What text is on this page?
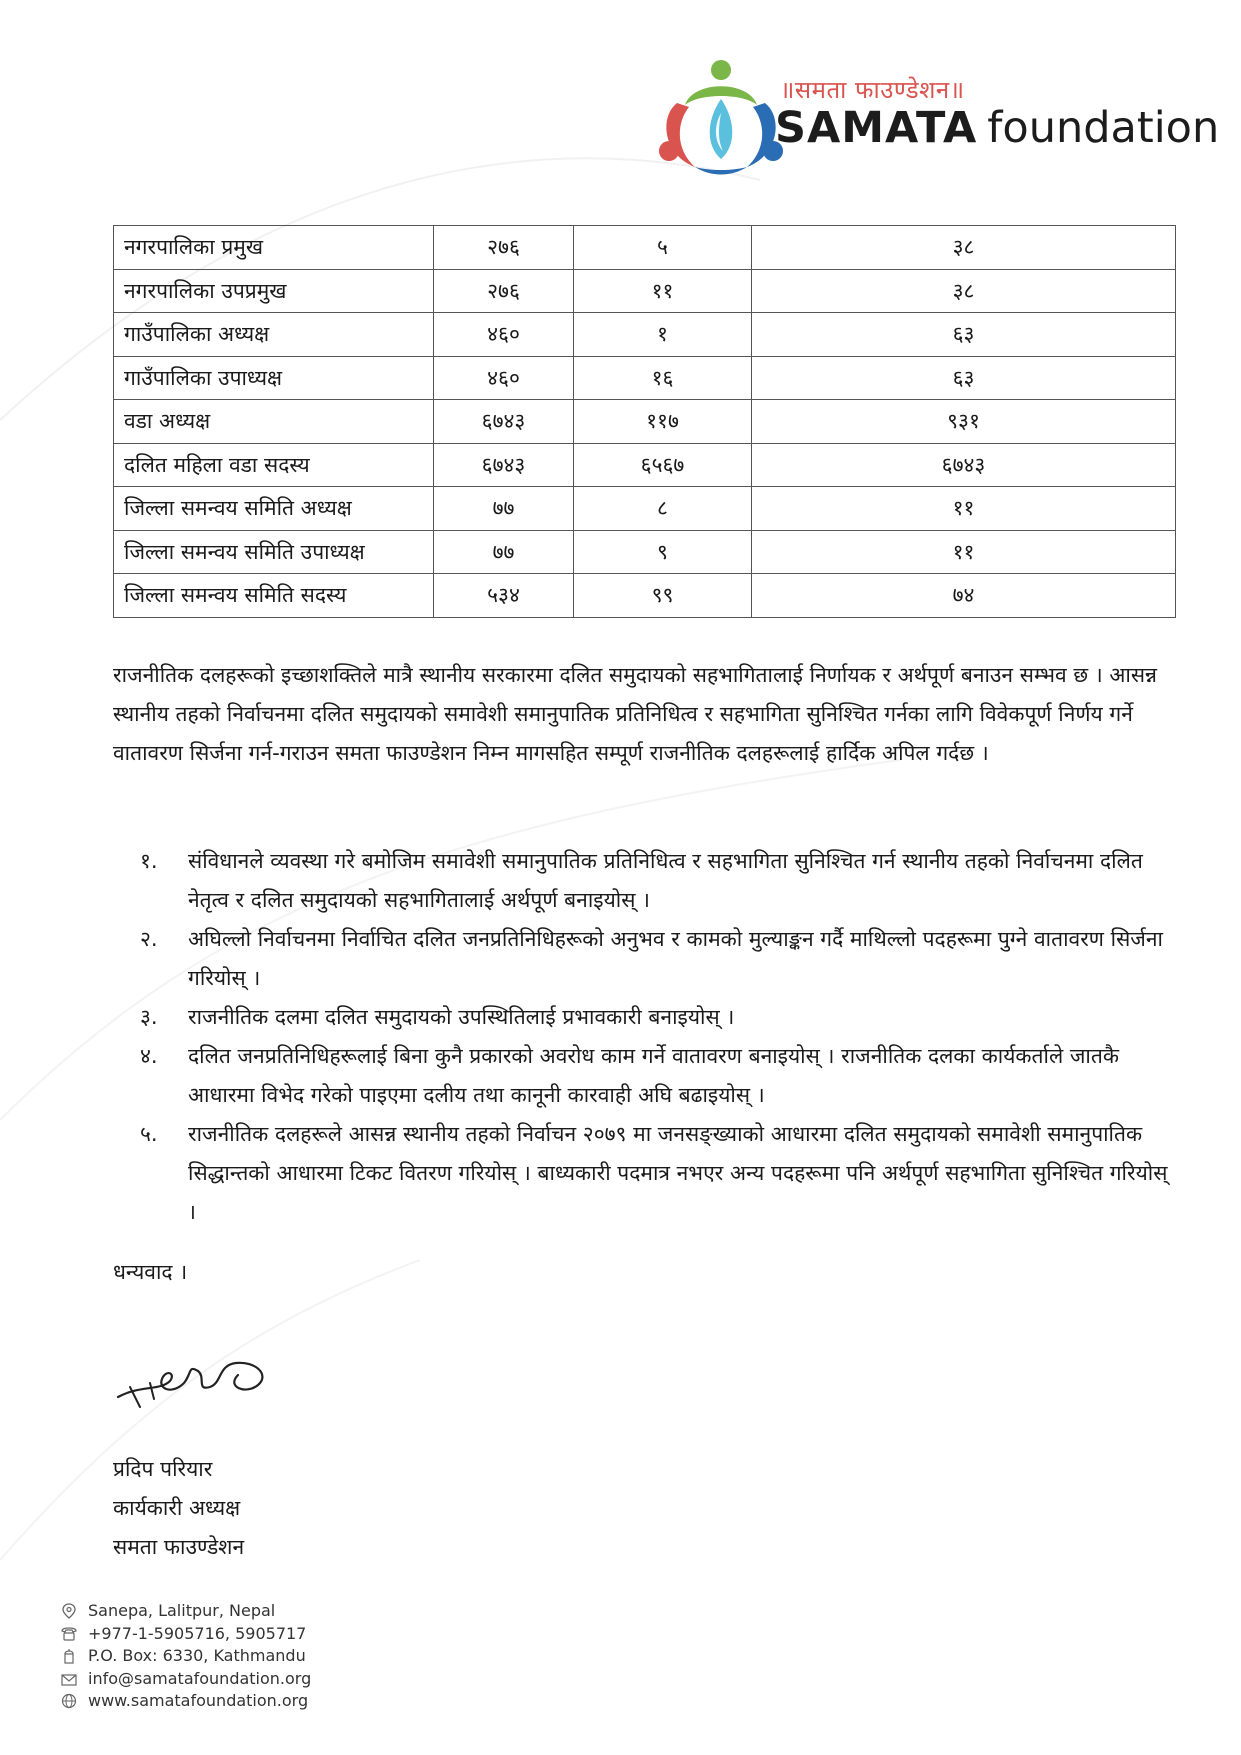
॥समता फाउण्डेशन॥
SAMATA foundation
नगरपालिका प्रमुख	२७६	५	३८
नगरपालिका उपप्रमुख	२७६	११	३८
गाउँपालिका अध्यक्ष	४६०	१	६३
गाउँपालिका उपाध्यक्ष	४६०	१६	६३
वडा अध्यक्ष	६७४३	११७	९३१
दलित महिला वडा सदस्य	६७४३	६५६७	६७४३
जिल्ला समन्वय समिति अध्यक्ष	७७	८	११
जिल्ला समन्वय समिति उपाध्यक्ष	७७	९	११
जिल्ला समन्वय समिति सदस्य	५३४	९९	७४

राजनीतिक दलहरूको इच्छाशक्तिले मात्रै स्थानीय सरकारमा दलित समुदायको सहभागितालाई निर्णायक र अर्थपूर्ण बनाउन सम्भव छ । आसन्न स्थानीय तहको निर्वाचनमा दलित समुदायको समावेशी समानुपातिक प्रतिनिधित्व र सहभागिता सुनिश्चित गर्नका लागि विवेकपूर्ण निर्णय गर्ने वातावरण सिर्जना गर्न-गराउन समता फाउण्डेशन निम्न मागसहित सम्पूर्ण राजनीतिक दलहरूलाई हार्दिक अपिल गर्दछ ।

१.	संविधानले व्यवस्था गरे बमोजिम समावेशी समानुपातिक प्रतिनिधित्व र सहभागिता सुनिश्चित गर्न स्थानीय तहको निर्वाचनमा दलित नेतृत्व र दलित समुदायको सहभागितालाई अर्थपूर्ण बनाइयोस् ।
२.	अघिल्लो निर्वाचनमा निर्वाचित दलित जनप्रतिनिधिहरूको अनुभव र कामको मुल्याङ्कन गर्दै माथिल्लो पदहरूमा पुग्ने वातावरण सिर्जना गरियोस् ।
३.	राजनीतिक दलमा दलित समुदायको उपस्थितिलाई प्रभावकारी बनाइयोस् ।
४.	दलित जनप्रतिनिधिहरूलाई बिना कुनै प्रकारको अवरोध काम गर्ने वातावरण बनाइयोस् । राजनीतिक दलका कार्यकर्ताले जातकै आधारमा विभेद गरेको पाइएमा दलीय तथा कानूनी कारवाही अघि बढाइयोस् ।
५.	राजनीतिक दलहरूले आसन्न स्थानीय तहको निर्वाचन २०७९ मा जनसङ्ख्याको आधारमा दलित समुदायको समावेशी समानुपातिक सिद्धान्तको आधारमा टिकट वितरण गरियोस् । बाध्यकारी पदमात्र नभएर अन्य पदहरूमा पनि अर्थपूर्ण सहभागिता सुनिश्चित गरियोस् ।
धन्यवाद ।
प्रदिप परियार
कार्यकारी अध्यक्ष
समता फाउण्डेशन
Sanepa, Lalitpur, Nepal
+977-1-5905716, 5905717
P.O. Box: 6330, Kathmandu
info@samatafoundation.org
www.samatafoundation.org
